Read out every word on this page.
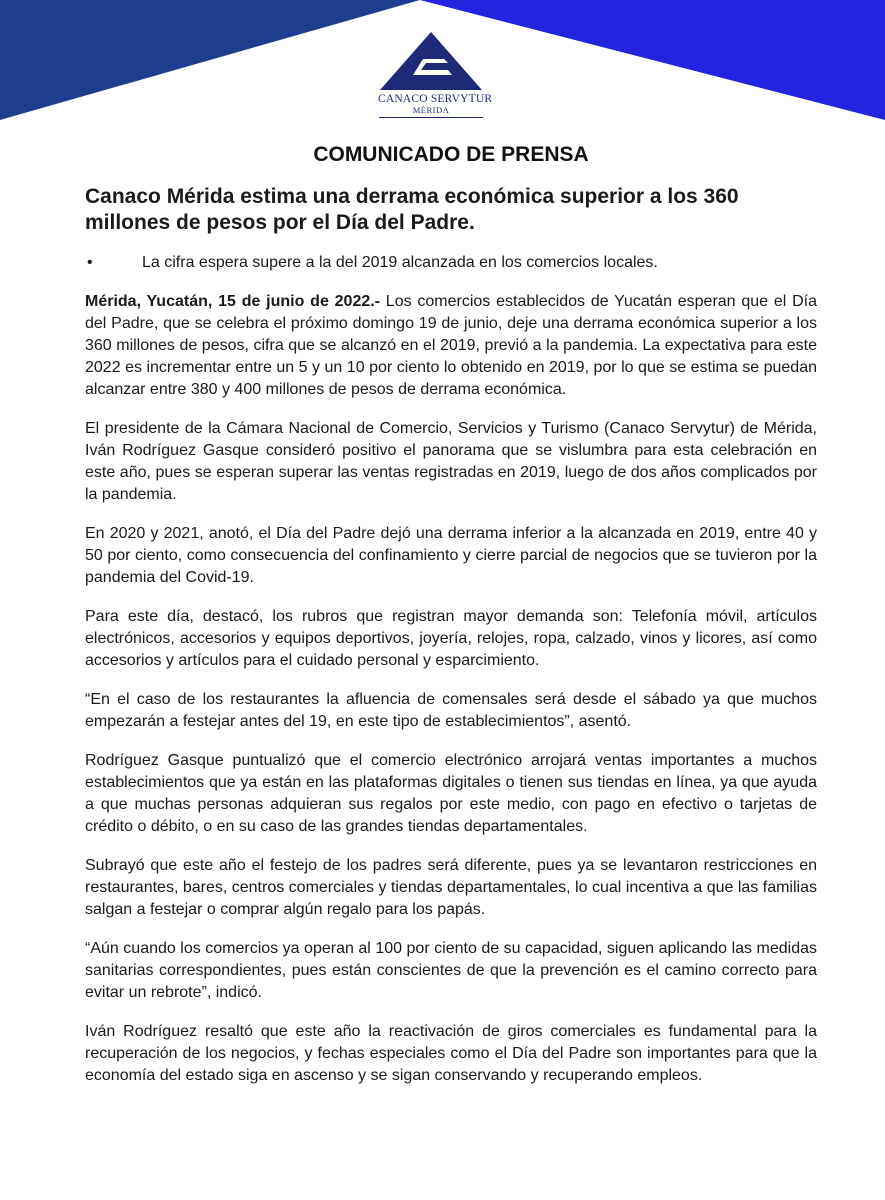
CANACO SERVYTUR
MÉRIDA
COMUNICADO DE PRENSA
Canaco Mérida estima una derrama económica superior a los 360 millones de pesos por el Día del Padre.
•	La cifra espera supere a la del 2019 alcanzada en los comercios locales.

Mérida, Yucatán, 15 de junio de 2022.- Los comercios establecidos de Yucatán esperan que el Día del Padre, que se celebra el próximo domingo 19 de junio, deje una derrama económica superior a los 360 millones de pesos, cifra que se alcanzó en el 2019, previó a la pandemia. La expectativa para este 2022 es incrementar entre un 5 y un 10 por ciento lo obtenido en 2019, por lo que se estima se puedan alcanzar entre 380 y 400 millones de pesos de derrama económica.

El presidente de la Cámara Nacional de Comercio, Servicios y Turismo (Canaco Servytur) de Mérida, Iván Rodríguez Gasque consideró positivo el panorama que se vislumbra para esta celebración en este año, pues se esperan superar las ventas registradas en 2019, luego de dos años complicados por la pandemia.

En 2020 y 2021, anotó, el Día del Padre dejó una derrama inferior a la alcanzada en 2019, entre 40 y 50 por ciento, como consecuencia del confinamiento y cierre parcial de negocios que se tuvieron por la pandemia del Covid-19.

Para este día, destacó, los rubros que registran mayor demanda son: Telefonía móvil, artículos electrónicos, accesorios y equipos deportivos, joyería, relojes, ropa, calzado, vinos y licores, así como accesorios y artículos para el cuidado personal y esparcimiento.

“En el caso de los restaurantes la afluencia de comensales será desde el sábado ya que muchos empezarán a festejar antes del 19, en este tipo de establecimientos”, asentó.

Rodríguez Gasque puntualizó que el comercio electrónico arrojará ventas importantes a muchos establecimientos que ya están en las plataformas digitales o tienen sus tiendas en línea, ya que ayuda a que muchas personas adquieran sus regalos por este medio, con pago en efectivo o tarjetas de crédito o débito, o en su caso de las grandes tiendas departamentales.

Subrayó que este año el festejo de los padres será diferente, pues ya se levantaron restricciones en restaurantes, bares, centros comerciales y tiendas departamentales, lo cual incentiva a que las familias salgan a festejar o comprar algún regalo para los papás.

“Aún cuando los comercios ya operan al 100 por ciento de su capacidad, siguen aplicando las medidas sanitarias correspondientes, pues están conscientes de que la prevención es el camino correcto para evitar un rebrote”, indicó.

Iván Rodríguez resaltó que este año la reactivación de giros comerciales es fundamental para la recuperación de los negocios, y fechas especiales como el Día del Padre son importantes para que la economía del estado siga en ascenso y se sigan conservando y recuperando empleos.
